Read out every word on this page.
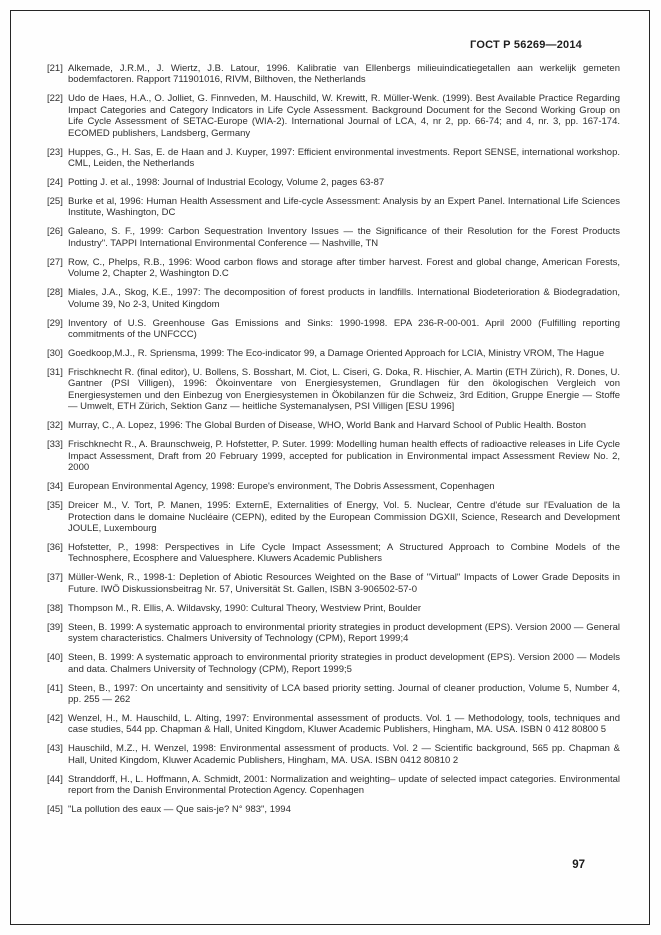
ГОСТ Р 56269—2014
[21] Alkemade, J.R.M., J. Wiertz, J.B. Latour, 1996. Kalibratie van Ellenbergs milieuindicatiegetallen aan werkelijk gemeten bodemfactoren. Rapport 711901016, RIVM, Bilthoven, the Netherlands
[22] Udo de Haes, H.A., O. Jolliet, G. Finnveden, M. Hauschild, W. Krewitt, R. Müller-Wenk. (1999). Best Available Practice Regarding Impact Categories and Category Indicators in Life Cycle Assessment. Background Document for the Second Working Group on Life Cycle Assessment of SETAC-Europe (WIA-2). International Journal of LCA, 4, nr 2, pp. 66-74; and 4, nr. 3, pp. 167-174. ECOMED publishers, Landsberg, Germany
[23] Huppes, G., H. Sas, E. de Haan and J. Kuyper, 1997: Efficient environmental investments. Report SENSE, international workshop. CML, Leiden, the Netherlands
[24] Potting J. et al., 1998: Journal of Industrial Ecology, Volume 2, pages 63-87
[25] Burke et al, 1996: Human Health Assessment and Life-cycle Assessment: Analysis by an Expert Panel. International Life Sciences Institute, Washington, DC
[26] Galeano, S. F., 1999: Carbon Sequestration Inventory Issues — the Significance of their Resolution for the Forest Products Industry". TAPPI International Environmental Conference — Nashville, TN
[27] Row, C., Phelps, R.B., 1996: Wood carbon flows and storage after timber harvest. Forest and global change, American Forests, Volume 2, Chapter 2, Washington D.C
[28] Miales, J.A., Skog, K.E., 1997: The decomposition of forest products in landfills. International Biodeterioration & Biodegradation, Volume 39, No 2-3, United Kingdom
[29] Inventory of U.S. Greenhouse Gas Emissions and Sinks: 1990-1998. EPA 236-R-00-001. April 2000 (Fulfilling reporting commitments of the UNFCCC)
[30] Goedkoop,M.J., R. Spriensma, 1999: The Eco-indicator 99, a Damage Oriented Approach for LCIA, Ministry VROM, The Hague
[31] Frischknecht R. (final editor), U. Bollens, S. Bosshart, M. Ciot, L. Ciseri, G. Doka, R. Hischier, A. Martin (ETH Zürich), R. Dones, U. Gantner (PSI Villigen), 1996: Ökoinventare von Energiesystemen, Grundlagen für den ökologischen Vergleich von Energiesystemen und den Einbezug von Energiesystemen in Ökobilanzen für die Schweiz, 3rd Edition, Gruppe Energie — Stoffe — Umwelt, ETH Zürich, Sektion Ganz — heitliche Systemanalysen, PSI Villigen [ESU 1996]
[32] Murray, C., A. Lopez, 1996: The Global Burden of Disease, WHO, World Bank and Harvard School of Public Health. Boston
[33] Frischknecht R., A. Braunschweig, P. Hofstetter, P. Suter. 1999: Modelling human health effects of radioactive releases in Life Cycle Impact Assessment, Draft from 20 February 1999, accepted for publication in Environmental impact Assessment Review No. 2, 2000
[34] European Environmental Agency, 1998: Europe's environment, The Dobris Assessment, Copenhagen
[35] Dreicer M., V. Tort, P. Manen, 1995: ExternE, Externalities of Energy, Vol. 5. Nuclear, Centre d'étude sur l'Evaluation de la Protection dans le domaine Nucléaire (CEPN), edited by the European Commission DGXII, Science, Research and Development JOULE, Luxembourg
[36] Hofstetter, P., 1998: Perspectives in Life Cycle Impact Assessment; A Structured Approach to Combine Models of the Technosphere, Ecosphere and Valuesphere. Kluwers Academic Publishers
[37] Müller-Wenk, R., 1998-1: Depletion of Abiotic Resources Weighted on the Base of "Virtual" Impacts of Lower Grade Deposits in Future. IWÖ Diskussionsbeitrag Nr. 57, Universität St. Gallen, ISBN 3-906502-57-0
[38] Thompson M., R. Ellis, A. Wildavsky, 1990: Cultural Theory, Westview Print, Boulder
[39] Steen, B. 1999: A systematic approach to environmental priority strategies in product development (EPS). Version 2000 — General system characteristics. Chalmers University of Technology (CPM), Report 1999;4
[40] Steen, B. 1999: A systematic approach to environmental priority strategies in product development (EPS). Version 2000 — Models and data. Chalmers University of Technology (CPM), Report 1999;5
[41] Steen, B., 1997: On uncertainty and sensitivity of LCA based priority setting. Journal of cleaner production, Volume 5, Number 4, pp. 255 — 262
[42] Wenzel, H., M. Hauschild, L. Alting, 1997: Environmental assessment of products. Vol. 1 — Methodology, tools, techniques and case studies, 544 pp. Chapman & Hall, United Kingdom, Kluwer Academic Publishers, Hingham, MA. USA. ISBN 0 412 80800 5
[43] Hauschild, M.Z., H. Wenzel, 1998: Environmental assessment of products. Vol. 2 — Scientific background, 565 pp. Chapman & Hall, United Kingdom, Kluwer Academic Publishers, Hingham, MA. USA. ISBN 0412 80810 2
[44] Stranddorff, H., L. Hoffmann, A. Schmidt, 2001: Normalization and weighting– update of selected impact categories. Environmental report from the Danish Environmental Protection Agency. Copenhagen
[45] "La pollution des eaux — Que sais-je? N° 983", 1994
97
